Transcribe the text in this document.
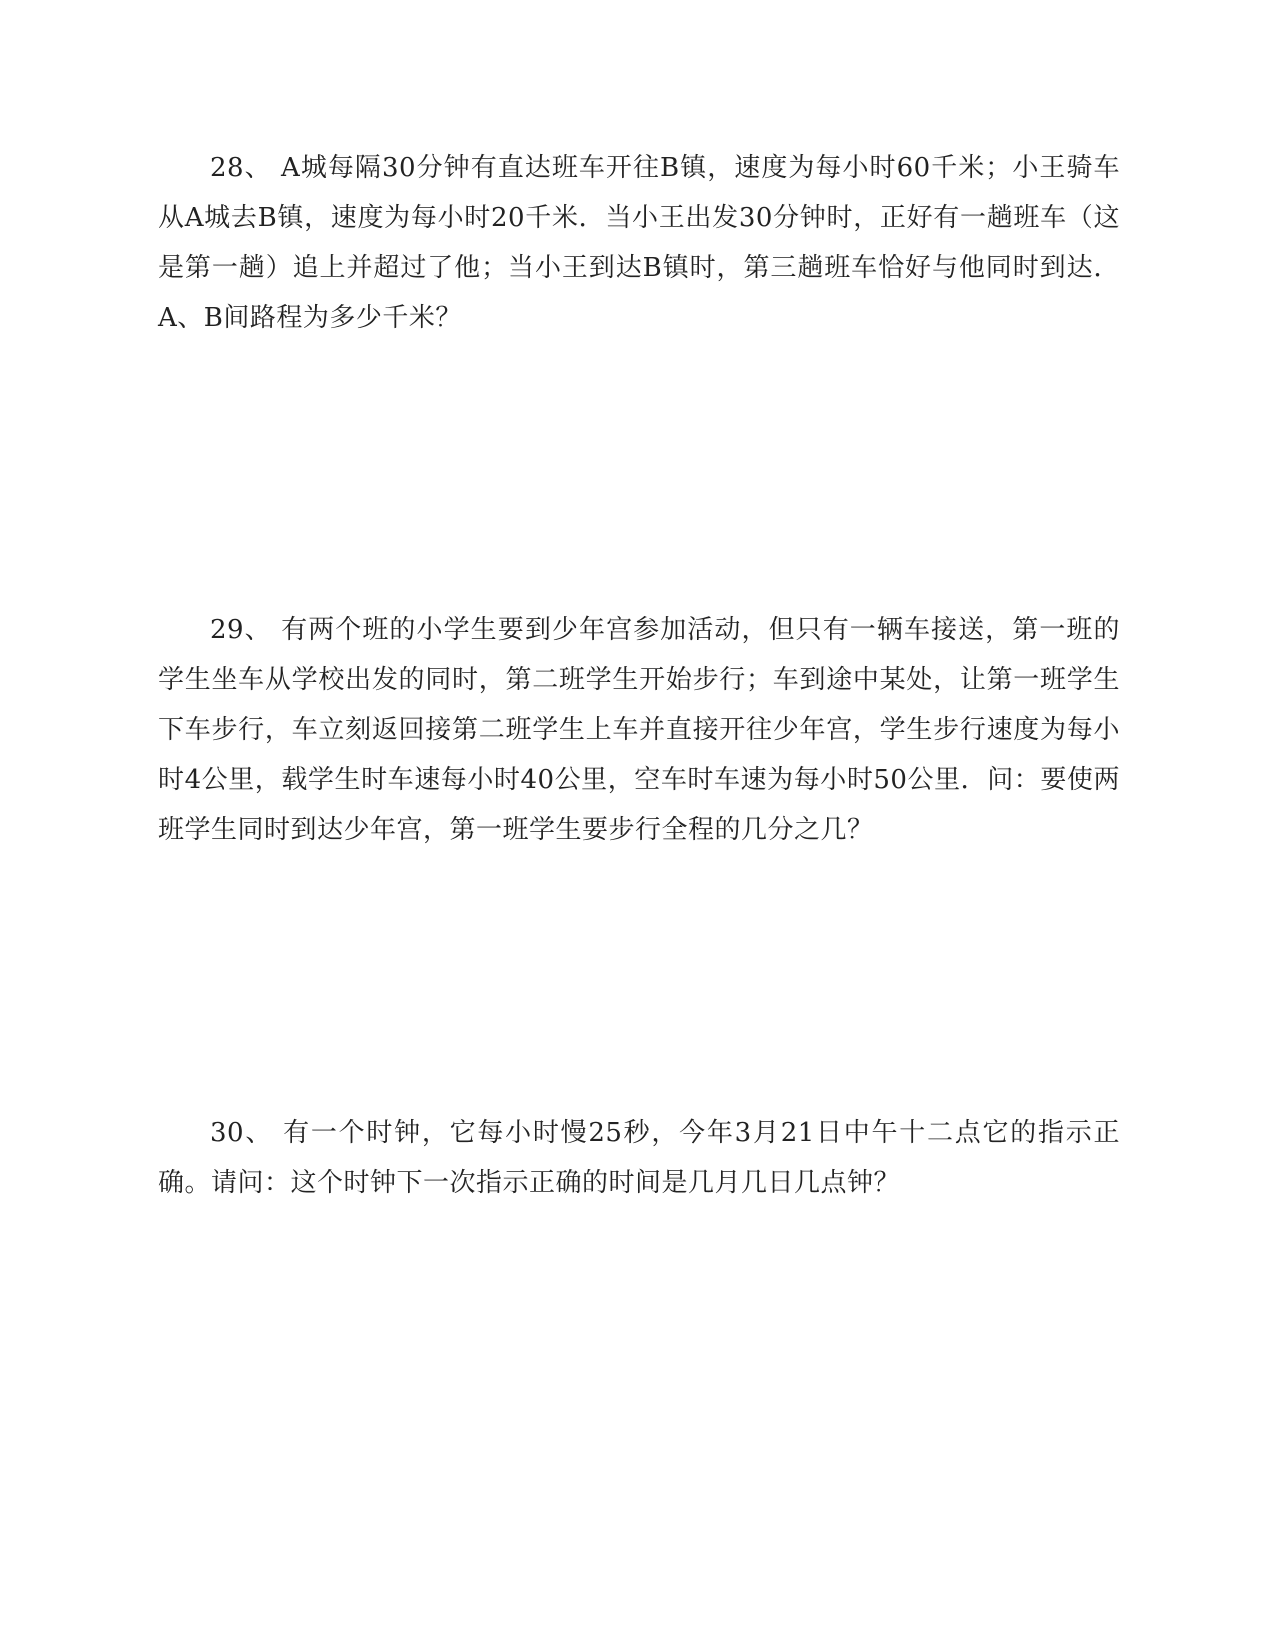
28、 A城每隔30分钟有直达班车开往B镇，速度为每小时60千米；小王骑车从A城去B镇，速度为每小时20千米．当小王出发30分钟时，正好有一趟班车（这是第一趟）追上并超过了他；当小王到达B镇时，第三趟班车恰好与他同时到达．A、B间路程为多少千米？
29、 有两个班的小学生要到少年宫参加活动，但只有一辆车接送，第一班的学生坐车从学校出发的同时，第二班学生开始步行；车到途中某处，让第一班学生下车步行，车立刻返回接第二班学生上车并直接开往少年宫，学生步行速度为每小时4公里，载学生时车速每小时40公里，空车时车速为每小时50公里．问：要使两班学生同时到达少年宫，第一班学生要步行全程的几分之几？
30、 有一个时钟，它每小时慢25秒，今年3月21日中午十二点它的指示正确。请问：这个时钟下一次指示正确的时间是几月几日几点钟？
